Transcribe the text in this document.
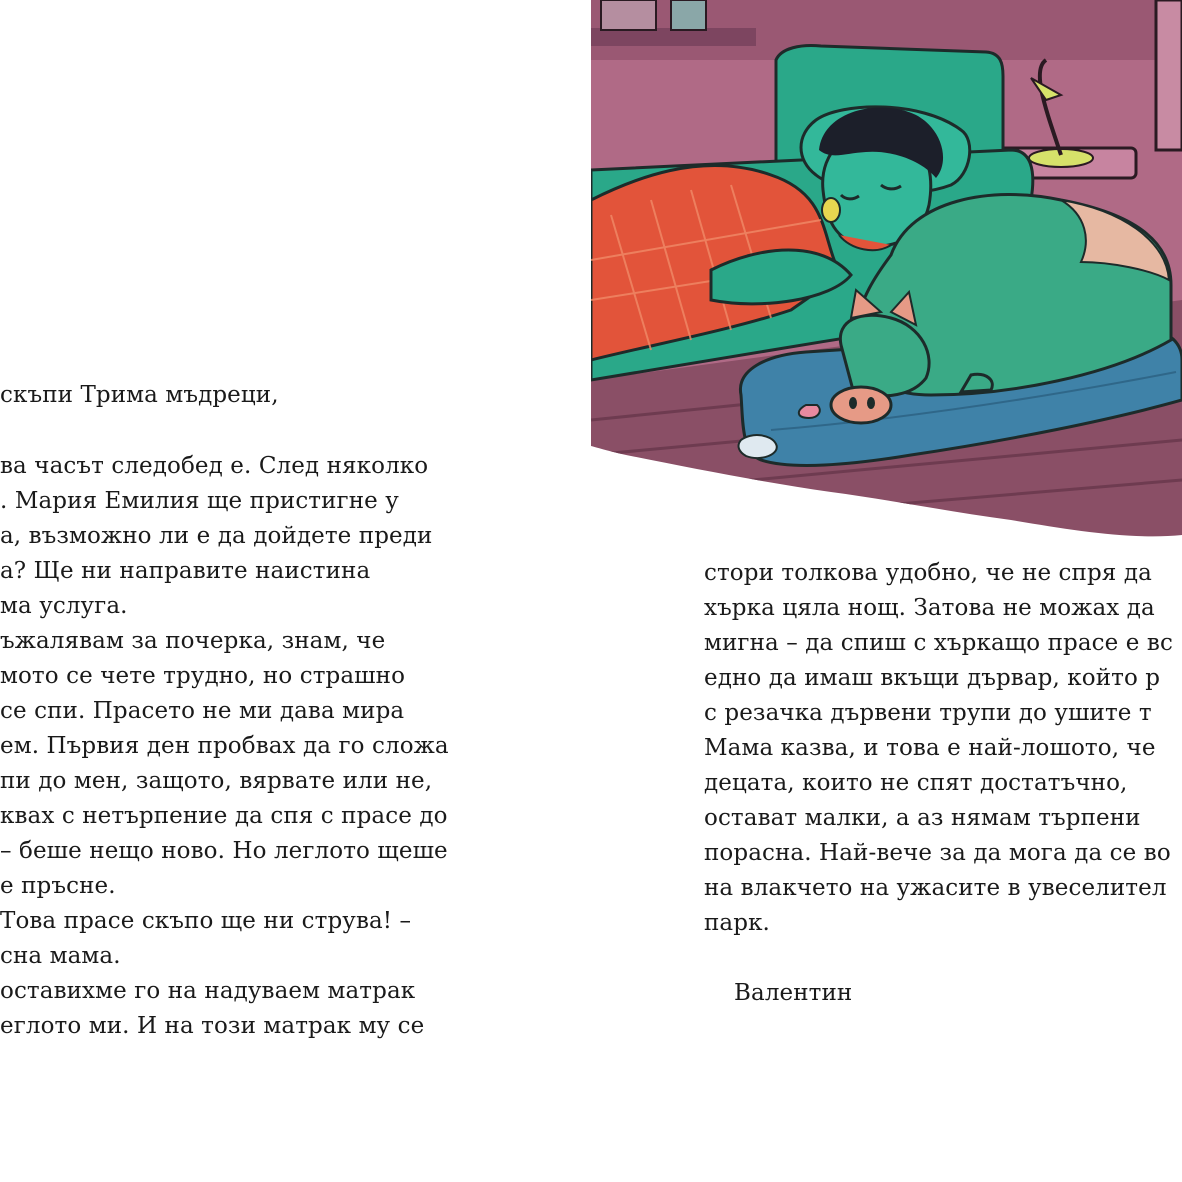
скъпи Трима мъдреци,
ва часът следобед е. След няколко
. Мария Емилия ще пристигне у
а, възможно ли е да дойдете преди
а? Ще ни направите наистина
ма услуга.
ъжалявам за почерка, знам, че
мото се чете трудно, но страшно
се спи. Прасето не ми дава мира
ем. Първия ден пробвах да го сложа
пи до мен, защото, вярвате или не,
квах с нетърпение да спя с прасе до
– беше нещо ново. Но леглото щеше
е пръсне.
Това прасе скъпо ще ни струва! –
сна мама.
оставихме го на надуваем матрак
еглото ми. И на този матрак му се
стори толкова удобно, че не спря да
хърка цяла нощ. Затова не можах да
мигна – да спиш с хъркащо прасе е вс
едно да имаш вкъщи дървар, който р
с резачка дървени трупи до ушите т
Мама казва, и това е най-лошото, че
децата, които не спят достатъчно,
остават малки, а аз нямам търпени
порасна. Най-вече за да мога да се во
на влакчето на ужасите в увеселител
парк.
Валентин
